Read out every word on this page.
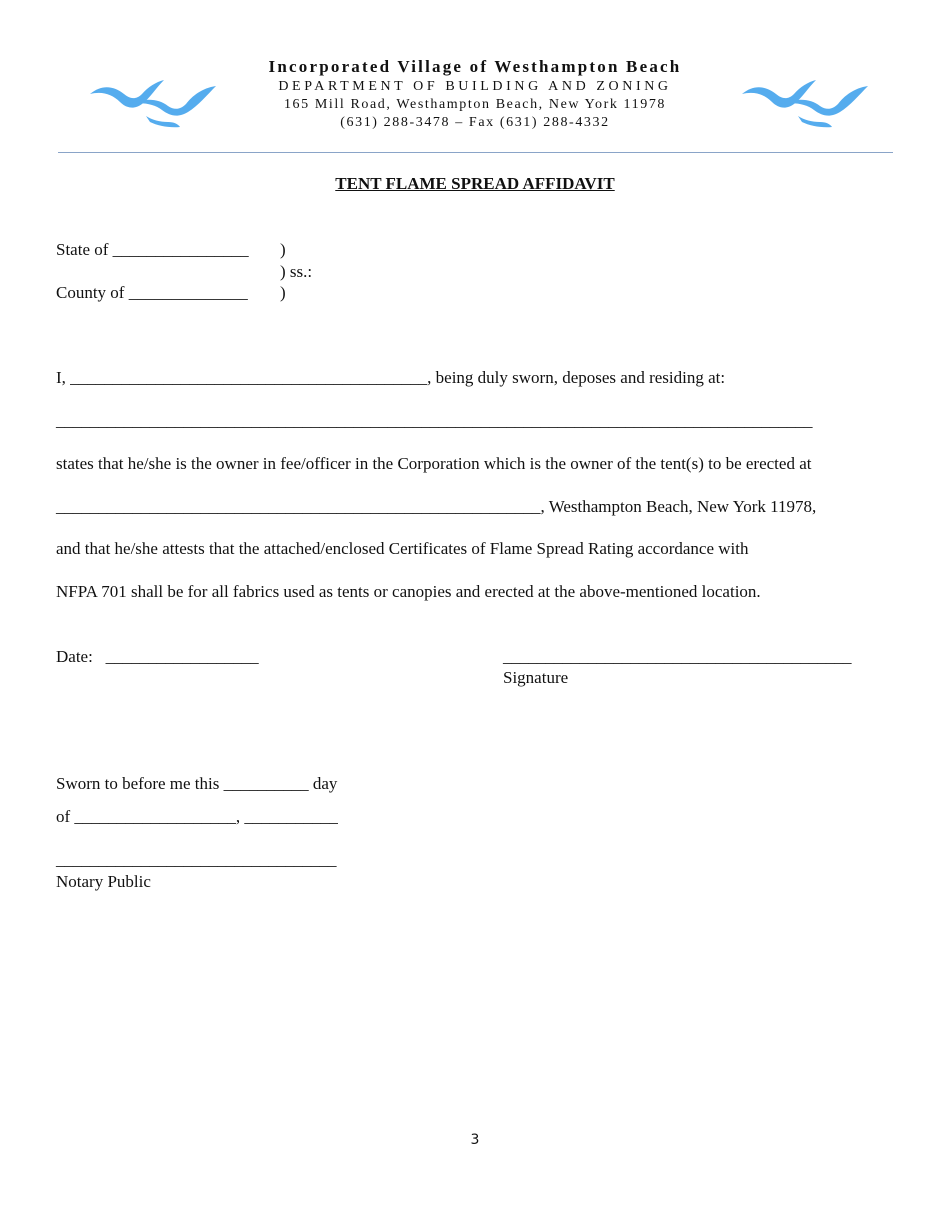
Incorporated Village of Westhampton Beach
DEPARTMENT OF BUILDING AND ZONING
165 Mill Road, Westhampton Beach, New York 11978
(631) 288-3478 – Fax (631) 288-4332
TENT FLAME SPREAD AFFIDAVIT
State of ________________ )
) ss.:
County of ______________ )
I, __________________________________________, being duly sworn, deposes and residing at:
_________________________________________________________________________________________
states that he/she is the owner in fee/officer in the Corporation which is the owner of the tent(s) to be erected at
_________________________________________________________, Westhampton Beach, New York 11978,
and that he/she attests that the attached/enclosed Certificates of Flame Spread Rating accordance with
NFPA 701 shall be for all fabrics used as tents or canopies and erected at the above-mentioned location.
Date:   __________________	_________________________________________
Signature
Sworn to before me this __________ day
of ___________________, ___________
_________________________________
Notary Public
3
